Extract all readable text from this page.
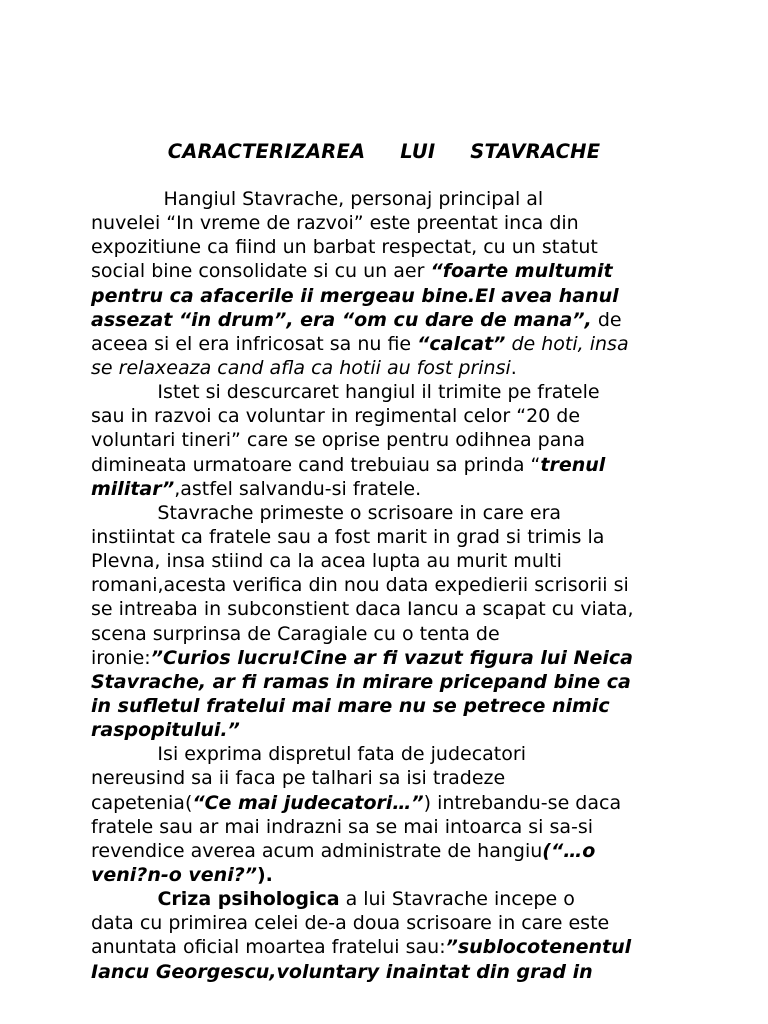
CARACTERIZAREA     LUI     STAVRACHE
Hangiul Stavrache, personaj principal al
nuvelei “In vreme de razvoi” este preentat inca din
expozitiune ca fiind un barbat respectat, cu un statut
social bine consolidate si cu un aer “foarte multumit
pentru ca afacerile ii mergeau bine.El avea hanul
assezat “in drum”, era “om cu dare de mana”, de
aceea si el era infricosat sa nu fie “calcat” de hoti, insa
se relaxeaza cand afla ca hotii au fost prinsi.
Istet si descurcaret hangiul il trimite pe fratele
sau in razvoi ca voluntar in regimental celor “20 de
voluntari tineri” care se oprise pentru odihnea pana
dimineata urmatoare cand trebuiau sa prinda “trenul
militar”,astfel salvandu-si fratele.
Stavrache primeste o scrisoare in care era
instiintat ca fratele sau a fost marit in grad si trimis la
Plevna, insa stiind ca la acea lupta au murit multi
romani,acesta verifica din nou data expedierii scrisorii si
se intreaba in subconstient daca Iancu a scapat cu viata,
scena surprinsa de Caragiale cu o tenta de
ironie:”Curios lucru!Cine ar fi vazut figura lui Neica
Stavrache, ar fi ramas in mirare pricepand bine ca
in sufletul fratelui mai mare nu se petrece nimic
raspopitului.”
Isi exprima dispretul fata de judecatori
nereusind sa ii faca pe talhari sa isi tradeze
capetenia(“Ce mai judecatori…”) intrebandu-se daca
fratele sau ar mai indrazni sa se mai intoarca si sa-si
revendice averea acum administrate de hangiu(“…o
veni?n-o veni?”).
Criza psihologica a lui Stavrache incepe o
data cu primirea celei de-a doua scrisoare in care este
anuntata oficial moartea fratelui sau:”sublocotenentul
Iancu Georgescu,voluntary inaintat din grad in
